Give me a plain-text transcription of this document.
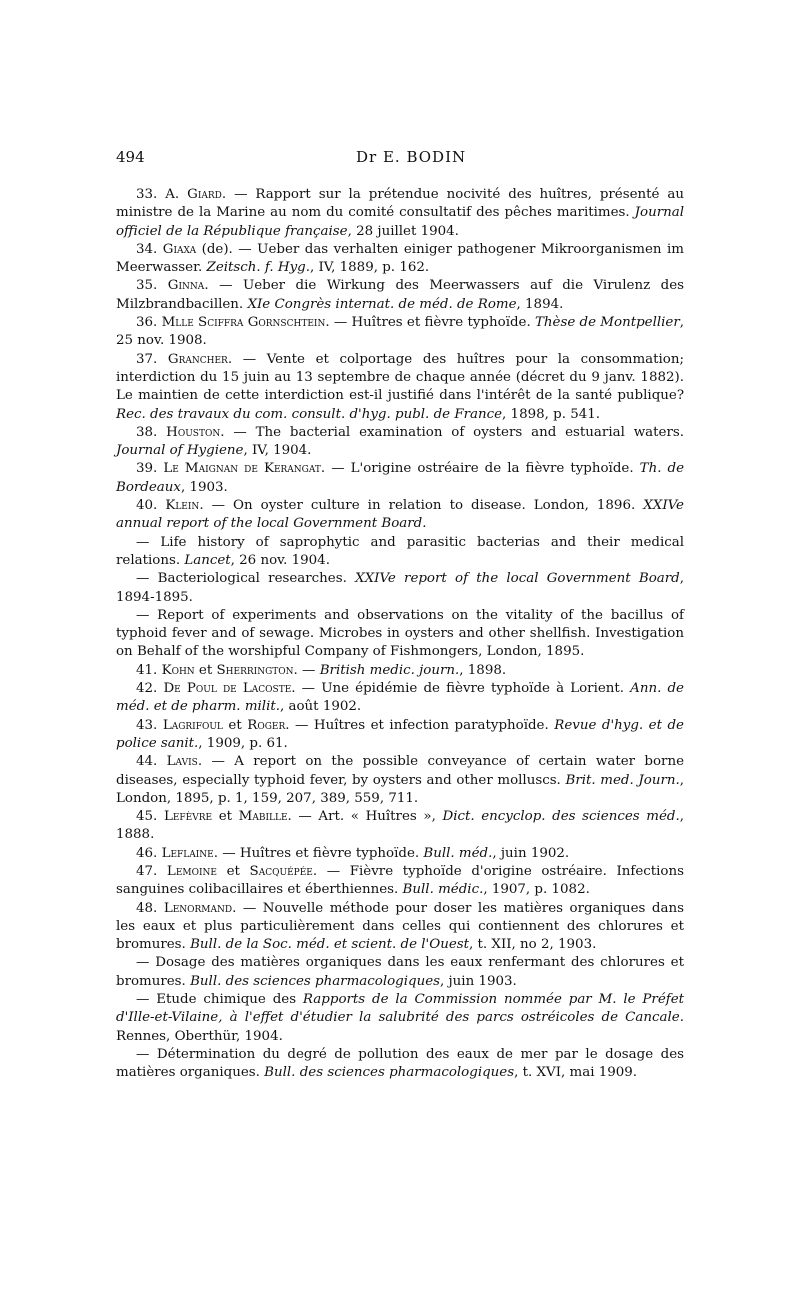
494	Dr E. BODIN

33. A. Giard. — Rapport sur la prétendue nocivité des huîtres, présenté au ministre de la Marine au nom du comité consultatif des pêches maritimes. Journal officiel de la République française, 28 juillet 1904.

34. Giaxa (de). — Ueber das verhalten einiger pathogener Mikroorganismen im Meerwasser. Zeitsch. f. Hyg., IV, 1889, p. 162.

35. Ginna. — Ueber die Wirkung des Meerwassers auf die Virulenz des Milzbrandbacillen. XIe Congrès internat. de méd. de Rome, 1894.

36. Mlle Sciffra Gornschtein. — Huîtres et fièvre typhoïde. Thèse de Montpellier, 25 nov. 1908.

37. Grancher. — Vente et colportage des huîtres pour la consommation; interdiction du 15 juin au 13 septembre de chaque année (décret du 9 janv. 1882). Le maintien de cette interdiction est-il justifié dans l'intérêt de la santé publique? Rec. des travaux du com. consult. d'hyg. publ. de France, 1898, p. 541.

38. Houston. — The bacterial examination of oysters and estuarial waters. Journal of Hygiene, IV, 1904.

39. Le Maignan de Kerangat. — L'origine ostréaire de la fièvre typhoïde. Th. de Bordeaux, 1903.

40. Klein. — On oyster culture in relation to disease. London, 1896. XXIVe annual report of the local Government Board.

— Life history of saprophytic and parasitic bacterias and their medical relations. Lancet, 26 nov. 1904.

— Bacteriological researches. XXIVe report of the local Government Board, 1894-1895.

— Report of experiments and observations on the vitality of the bacillus of typhoid fever and of sewage. Microbes in oysters and other shellfish. Investigation on Behalf of the worshipful Company of Fishmongers, London, 1895.

41. Kohn et Sherrington. — British medic. journ., 1898.

42. De Poul de Lacoste. — Une épidémie de fièvre typhoïde à Lorient. Ann. de méd. et de pharm. milit., août 1902.

43. Lagrifoul et Roger. — Huîtres et infection paratyphoïde. Revue d'hyg. et de police sanit., 1909, p. 61.

44. Lavis. — A report on the possible conveyance of certain water borne diseases, especially typhoid fever, by oysters and other molluscs. Brit. med. Journ., London, 1895, p. 1, 159, 207, 389, 559, 711.

45. Lefèvre et Mabille. — Art. « Huîtres », Dict. encyclop. des sciences méd., 1888.

46. Leflaine. — Huîtres et fièvre typhoïde. Bull. méd., juin 1902.

47. Lemoine et Sacquépée. — Fièvre typhoïde d'origine ostréaire. Infections sanguines colibacillaires et éberthiennes. Bull. médic., 1907, p. 1082.

48. Lenormand. — Nouvelle méthode pour doser les matières organiques dans les eaux et plus particulièrement dans celles qui contiennent des chlorures et bromures. Bull. de la Soc. méd. et scient. de l'Ouest, t. XII, no 2, 1903.

— Dosage des matières organiques dans les eaux renfermant des chlorures et bromures. Bull. des sciences pharmacologiques, juin 1903.

— Etude chimique des Rapports de la Commission nommée par M. le Préfet d'Ille-et-Vilaine, à l'effet d'étudier la salubrité des parcs ostréicoles de Cancale. Rennes, Oberthür, 1904.

— Détermination du degré de pollution des eaux de mer par le dosage des matières organiques. Bull. des sciences pharmacologiques, t. XVI, mai 1909.
